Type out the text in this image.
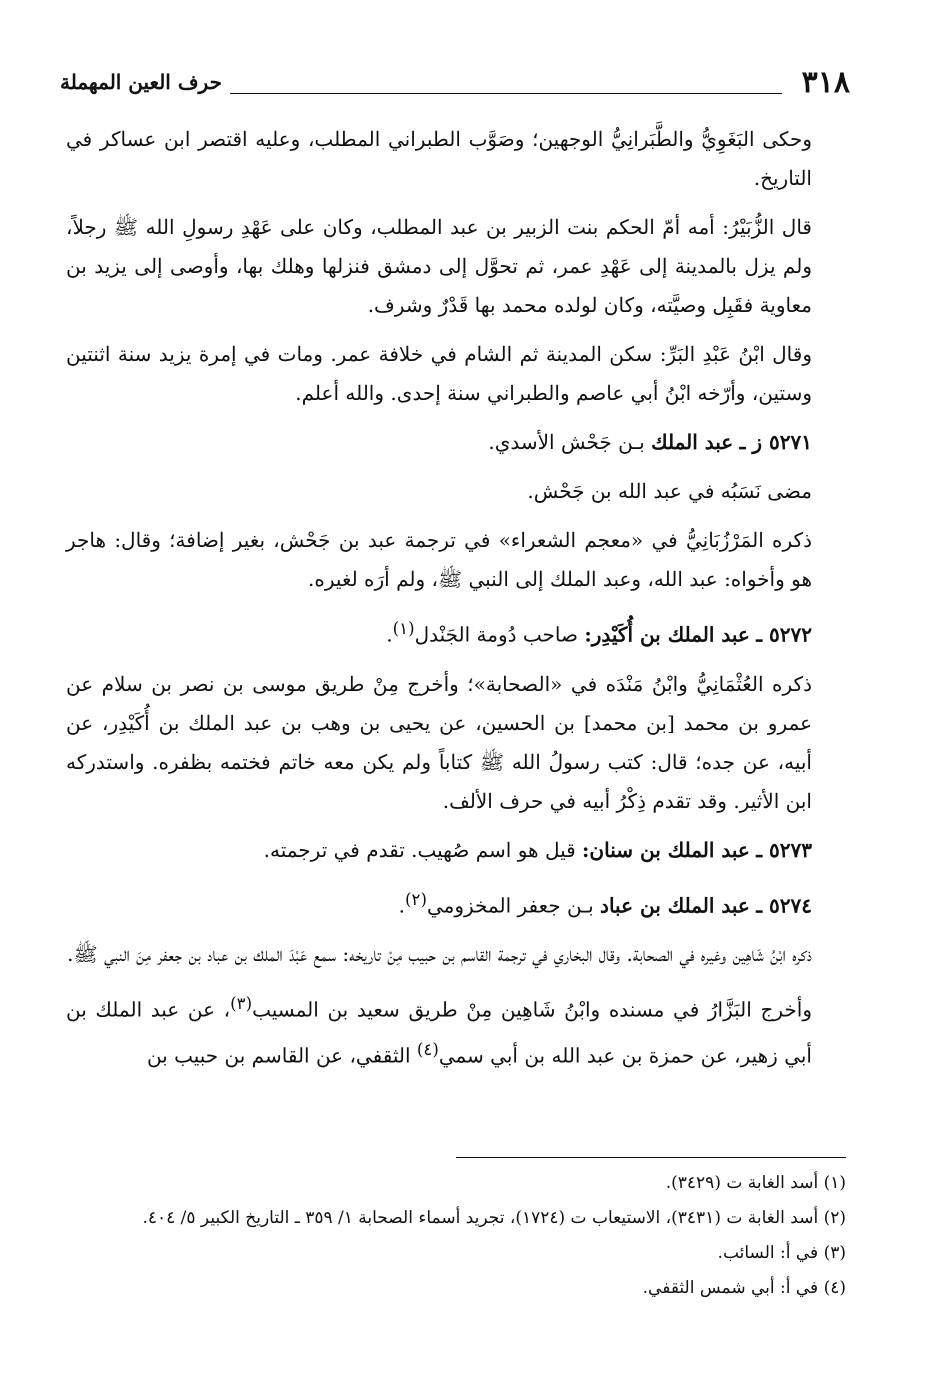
٣١٨
حرف العين المهملة

وحكى البَغَوِيُّ والطَّبَرانِيُّ الوجهين؛ وصَوَّب الطبراني المطلب، وعليه اقتصر ابن عساكر في التاريخ.

قال الزُّبَيْرُ: أمه أمّ الحكم بنت الزبير بن عبد المطلب، وكان على عَهْدِ رسولِ الله ﷺ رجلاً، ولم يزل بالمدينة إلى عَهْدِ عمر، ثم تحوَّل إلى دمشق فنزلها وهلك بها، وأوصى إلى يزيد بن معاوية فقَبِل وصيَّته، وكان لولده محمد بها قَدْرٌ وشرف.

وقال ابْنُ عَبْدِ البَرِّ: سكن المدينة ثم الشام في خلافة عمر. ومات في إمرة يزيد سنة اثنتين وستين، وأرّخه ابْنُ أبي عاصم والطبراني سنة إحدى. والله أعلم.

٥٢٧١ ز ـ عبد الملك بـن جَحْش الأسدي.

مضى نَسَبُه في عبد الله بن جَحْش.

ذكره المَرْزُبَانِيُّ في «معجم الشعراء» في ترجمة عبد بن جَحْش، بغير إضافة؛ وقال: هاجر هو وأخواه: عبد الله، وعبد الملك إلى النبي ﷺ، ولم أرَه لغيره.

٥٢٧٢ ـ عبد الملك بن أُكَيْدِر: صاحب دُومة الجَنْدل$^{(١)}$.

ذكره العُثْمَانِيُّ وابْنُ مَنْدَه في «الصحابة»؛ وأخرج مِنْ طريق موسى بن نصر بن سلام عن عمرو بن محمد [بن محمد] بن الحسين، عن يحيى بن وهب بن عبد الملك بن أُكَيْدِر، عن أبيه، عن جده؛ قال: كتب رسولُ الله ﷺ كتاباً ولم يكن معه خاتم فختمه بظفره. واستدركه ابن الأثير. وقد تقدم ذِكْرُ أبيه في حرف الألف.

٥٢٧٣ ـ عبد الملك بن سنان: قيل هو اسم صُهيب. تقدم في ترجمته.

٥٢٧٤ ـ عبد الملك بن عباد بـن جعفر المخزومي$^{(٢)}$.

ذكره ابْنُ شَاهِين وغيره في الصحابة. وقال البخاري في ترجمة القاسم بن حبيب مِنْ تاريخه: سمع عَبْدَ الملك بن عباد بن جعفر مِنَ النبي ﷺ.

وأخرج البَزَّارُ في مسنده وابْنُ شَاهِين مِنْ طريق سعيد بن المسيب$^{(٣)}$، عن عبد الملك بن أبي زهير، عن حمزة بن عبد الله بن أبي سمي$^{(٤)}$ الثقفي، عن القاسم بن حبيب بن

(١) أسد الغابة ت (٣٤٢٩).

(٢) أسد الغابة ت (٣٤٣١)، الاستيعاب ت (١٧٢٤)، تجريد أسماء الصحابة ١/ ٣٥٩ ـ التاريخ الكبير ٥/ ٤٠٤.

(٣) في أ: السائب.

(٤) في أ: أبي شمس الثقفي.
